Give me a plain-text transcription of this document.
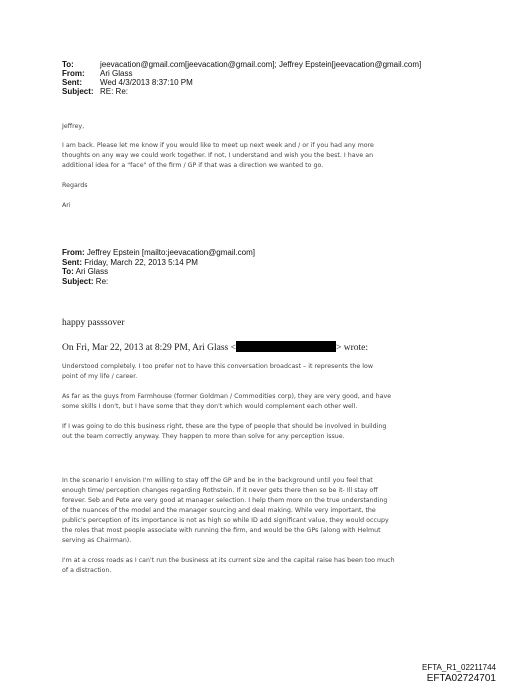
To:	jeevacation@gmail.com[jeevacation@gmail.com]; Jeffrey Epstein[jeevacation@gmail.com]
From: Ari Glass
Sent: Wed 4/3/2013 8:37:10 PM
Subject: RE: Re:

Jeffrey,

I am back. Please let me know if you would like to meet up next week and / or if you had any more

thoughts on any way we could work together. If not, I understand and wish you the best. I have an

additional idea for a "face" of the firm / GP if that was a direction we wanted to go.

Regards

Ari

From: Jeffrey Epstein [mailto:jeevacation@gmail.com]
Sent: Friday, March 22, 2013 5:14 PM
To: Ari Glass
Subject: Re:
happy passsover
On Fri, Mar 22, 2013 at 8:29 PM, Ari Glass <	> wrote:

Understood completely. I too prefer not to have this conversation broadcast – it represents the low

point of my life / career.

As far as the guys from Farmhouse (former Goldman / Commodities corp), they are very good, and have

some skills I don't, but I have some that they don't which would complement each other well.

If I was going to do this business right, these are the type of people that should be involved in building

out the team correctly anyway. They happen to more than solve for any perception issue.

In the scenario I envision I'm willing to stay off the GP and be in the background until you feel that

enough time/ perception changes regarding Rothstein. If it never gets there then so be it- Ill stay off

forever. Seb and Pete are very good at manager selection. I help them more on the true understanding

of the nuances of the model and the manager sourcing and deal making. While very important, the

public's perception of its importance is not as high so while ID add significant value, they would occupy

the roles that most people associate with running the firm, and would be the GPs (along with Helmut

serving as Chairman).

I'm at a cross roads as I can't run the business at its current size and the capital raise has been too much

of a distraction.

EFTA_R1_02211744
EFTA02724701
